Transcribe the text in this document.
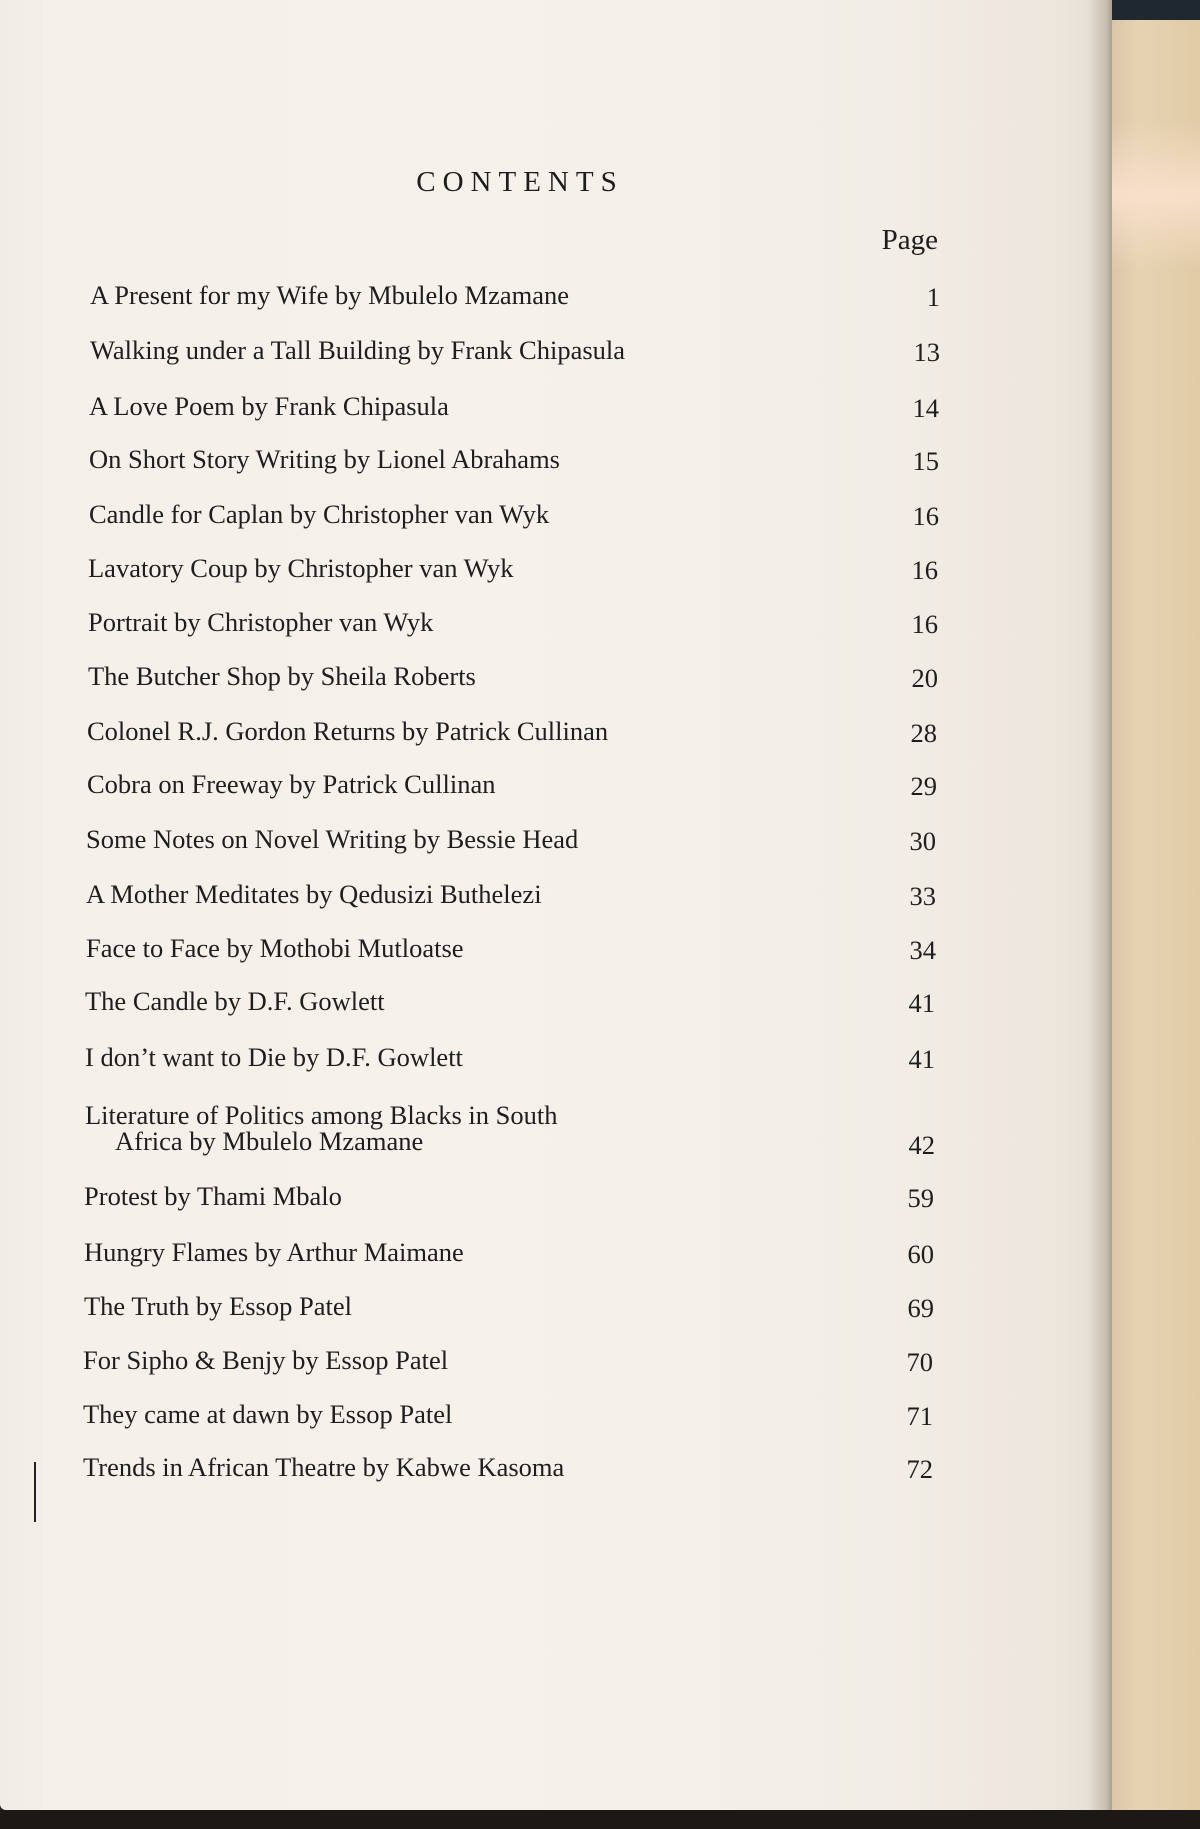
CONTENTS
Page
A Present for my Wife by Mbulelo Mzamane	1
Walking under a Tall Building by Frank Chipasula	13
A Love Poem by Frank Chipasula	14
On Short Story Writing by Lionel Abrahams	15
Candle for Caplan by Christopher van Wyk	16
Lavatory Coup by Christopher van Wyk	16
Portrait by Christopher van Wyk	16
The Butcher Shop by Sheila Roberts	20
Colonel R.J. Gordon Returns by Patrick Cullinan	28
Cobra on Freeway by Patrick Cullinan	29
Some Notes on Novel Writing by Bessie Head	30
A Mother Meditates by Qedusizi Buthelezi	33
Face to Face by Mothobi Mutloatse	34
The Candle by D.F. Gowlett	41
I don’t want to Die by D.F. Gowlett	41
Literature of Politics among Blacks in South
Africa by Mbulelo Mzamane	42
Protest by Thami Mbalo	59
Hungry Flames by Arthur Maimane	60
The Truth by Essop Patel	69
For Sipho & Benjy by Essop Patel	70
They came at dawn by Essop Patel	71
Trends in African Theatre by Kabwe Kasoma	72
